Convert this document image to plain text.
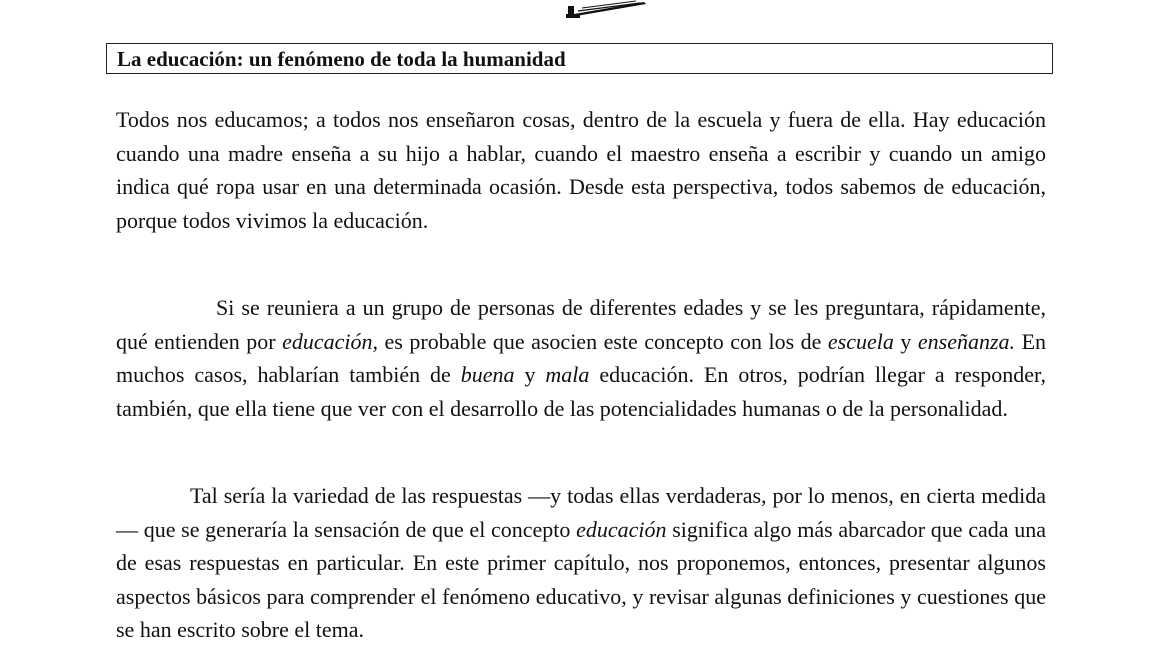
La educación: un fenómeno de toda la humanidad

Todos nos educamos; a todos nos enseñaron cosas, dentro de la escuela y fuera de ella. Hay educación cuando una madre enseña a su hijo a hablar, cuando el maestro enseña a escribir y cuando un amigo indica qué ropa usar en una determinada ocasión. Desde esta perspectiva, todos sabemos de educación, porque todos vivimos la educación.

Si se reuniera a un grupo de personas de diferentes edades y se les preguntara, rápidamente, qué entienden por educación, es probable que asocien este concepto con los de escuela y enseñanza. En muchos casos, hablarían también de buena y mala educación. En otros, podrían llegar a responder, también, que ella tiene que ver con el desarrollo de las potencialidades humanas o de la personalidad.

Tal sería la variedad de las respuestas —y todas ellas verdaderas, por lo menos, en cierta medida— que se generaría la sensación de que el concepto educación significa algo más abarcador que cada una de esas respuestas en particular. En este primer capítulo, nos proponemos, entonces, presentar algunos aspectos básicos para comprender el fenómeno educativo, y revisar algunas definiciones y cuestiones que se han escrito sobre el tema.
